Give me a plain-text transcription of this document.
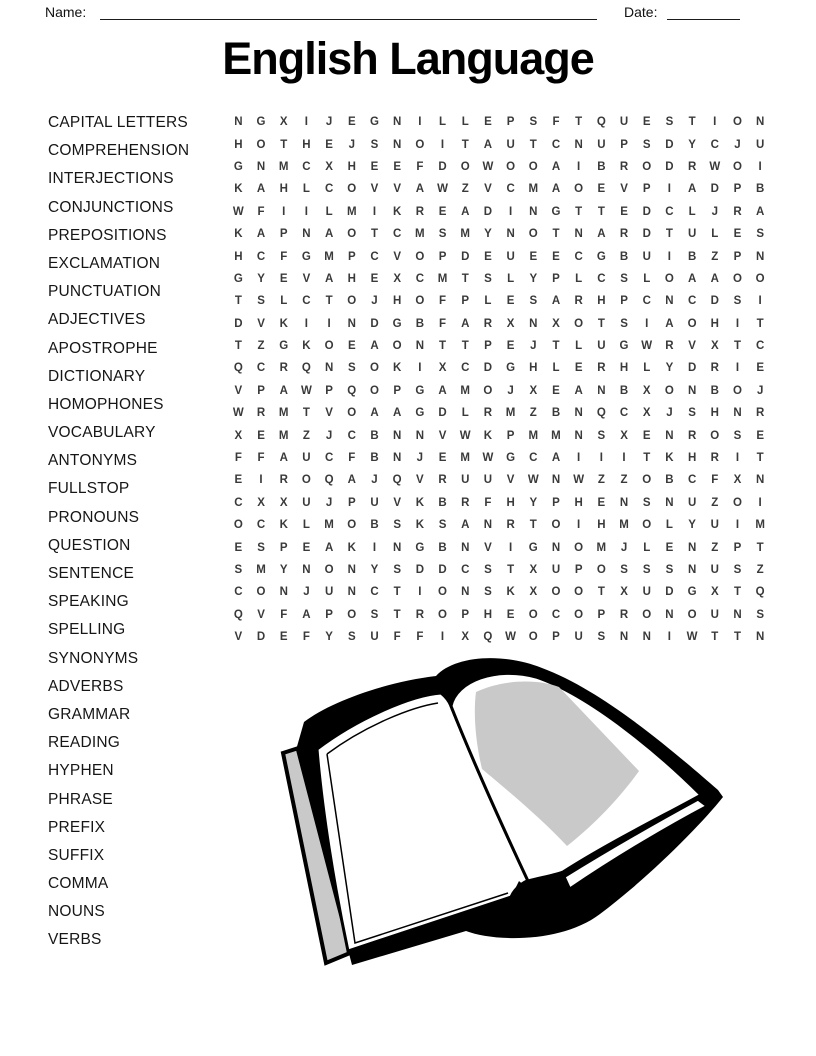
Name:	Date:
English Language
CAPITAL LETTERS
COMPREHENSION
INTERJECTIONS
CONJUNCTIONS
PREPOSITIONS
EXCLAMATION
PUNCTUATION
ADJECTIVES
APOSTROPHE
DICTIONARY
HOMOPHONES
VOCABULARY
ANTONYMS
FULLSTOP
PRONOUNS
QUESTION
SENTENCE
SPEAKING
SPELLING
SYNONYMS
ADVERBS
GRAMMAR
READING
HYPHEN
PHRASE
PREFIX
SUFFIX
COMMA
NOUNS
VERBS
N	G	X	I	J	E	G	N	I	L	L	E	P	S	F	T	Q	U	E	S	T	I	O	N
H	O	T	H	E	J	S	N	O	I	T	A	U	T	C	N	U	P	S	D	Y	C	J	U
G	N	M	C	X	H	E	E	F	D	O	W	O	O	A	I	B	R	O	D	R	W	O	I
K	A	H	L	C	O	V	V	A	W	Z	V	C	M	A	O	E	V	P	I	A	D	P	B
W	F	I	I	L	M	I	K	R	E	A	D	I	N	G	T	T	E	D	C	L	J	R	A
K	A	P	N	A	O	T	C	M	S	M	Y	N	O	T	N	A	R	D	T	U	L	E	S
H	C	F	G	M	P	C	V	O	P	D	E	U	E	E	C	G	B	U	I	B	Z	P	N
G	Y	E	V	A	H	E	X	C	M	T	S	L	Y	P	L	C	S	L	O	A	A	O	O
T	S	L	C	T	O	J	H	O	F	P	L	E	S	A	R	H	P	C	N	C	D	S	I
D	V	K	I	I	N	D	G	B	F	A	R	X	N	X	O	T	S	I	A	O	H	I	T
T	Z	G	K	O	E	A	O	N	T	T	P	E	J	T	L	U	G	W	R	V	X	T	C
Q	C	R	Q	N	S	O	K	I	X	C	D	G	H	L	E	R	H	L	Y	D	R	I	E
V	P	A	W	P	Q	O	P	G	A	M	O	J	X	E	A	N	B	X	O	N	B	O	J
W	R	M	T	V	O	A	A	G	D	L	R	M	Z	B	N	Q	C	X	J	S	H	N	R
X	E	M	Z	J	C	B	N	N	V	W	K	P	M	M	N	S	X	E	N	R	O	S	E
F	F	A	U	C	F	B	N	J	E	M	W	G	C	A	I	I	I	T	K	H	R	I	T
E	I	R	O	Q	A	J	Q	V	R	U	U	V	W	N	W	Z	Z	O	B	C	F	X	N
C	X	X	U	J	P	U	V	K	B	R	F	H	Y	P	H	E	N	S	N	U	Z	O	I
O	C	K	L	M	O	B	S	K	S	A	N	R	T	O	I	H	M	O	L	Y	U	I	M
E	S	P	E	A	K	I	N	G	B	N	V	I	G	N	O	M	J	L	E	N	Z	P	T
S	M	Y	N	O	N	Y	S	D	D	C	S	T	X	U	P	O	S	S	S	N	U	S	Z
C	O	N	J	U	N	C	T	I	O	N	S	K	X	O	O	T	X	U	D	G	X	T	Q
Q	V	F	A	P	O	S	T	R	O	P	H	E	O	C	O	P	R	O	N	O	U	N	S
V	D	E	F	Y	S	U	F	F	I	X	Q	W	O	P	U	S	N	N	I	W	T	T	N
